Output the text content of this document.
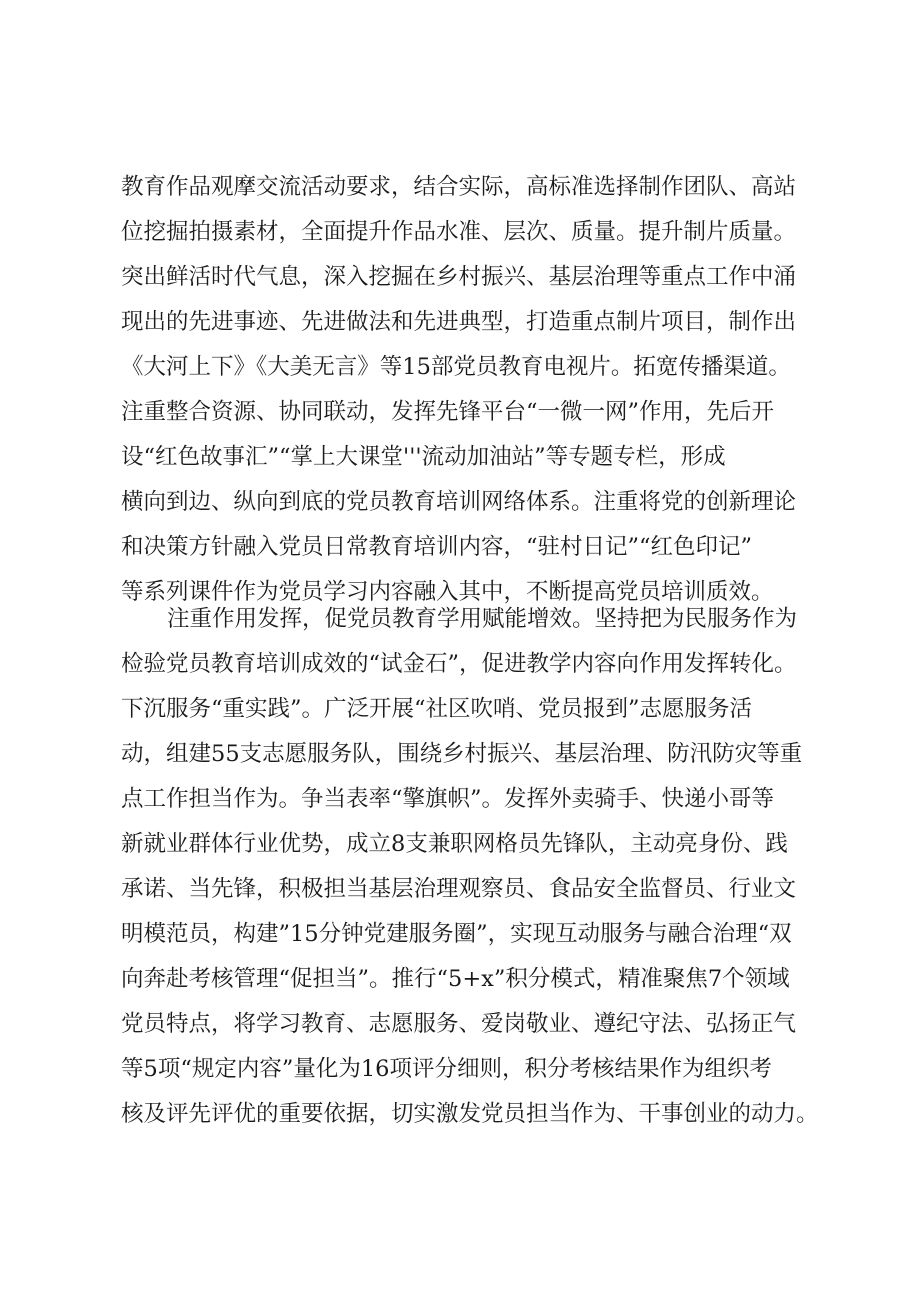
教育作品观摩交流活动要求，结合实际，高标准选择制作团队、高站
位挖掘拍摄素材，全面提升作品水准、层次、质量。提升制片质量。
突出鲜活时代气息，深入挖掘在乡村振兴、基层治理等重点工作中涌
现出的先进事迹、先进做法和先进典型，打造重点制片项目，制作出
《大河上下》《大美无言》等15部党员教育电视片。拓宽传播渠道。
注重整合资源、协同联动，发挥先锋平台“一微一网”作用，先后开
设“红色故事汇”“掌上大课堂'''流动加油站”等专题专栏，形成
横向到边、纵向到底的党员教育培训网络体系。注重将党的创新理论
和决策方针融入党员日常教育培训内容，“驻村日记”“红色印记”
等系列课件作为党员学习内容融入其中，不断提高党员培训质效。
注重作用发挥，促党员教育学用赋能增效。坚持把为民服务作为
检验党员教育培训成效的“试金石”，促进教学内容向作用发挥转化。
下沉服务“重实践”。广泛开展“社区吹哨、党员报到”志愿服务活
动，组建55支志愿服务队，围绕乡村振兴、基层治理、防汛防灾等重
点工作担当作为。争当表率“擎旗帜”。发挥外卖骑手、快递小哥等
新就业群体行业优势，成立8支兼职网格员先锋队，主动亮身份、践
承诺、当先锋，积极担当基层治理观察员、食品安全监督员、行业文
明模范员，构建”15分钟党建服务圈”，实现互动服务与融合治理“双
向奔赴考核管理“促担当”。推行“5+x”积分模式，精准聚焦7个领域
党员特点，将学习教育、志愿服务、爱岗敬业、遵纪守法、弘扬正气
等5项“规定内容”量化为16项评分细则，积分考核结果作为组织考
核及评先评优的重要依据，切实激发党员担当作为、干事创业的动力。
